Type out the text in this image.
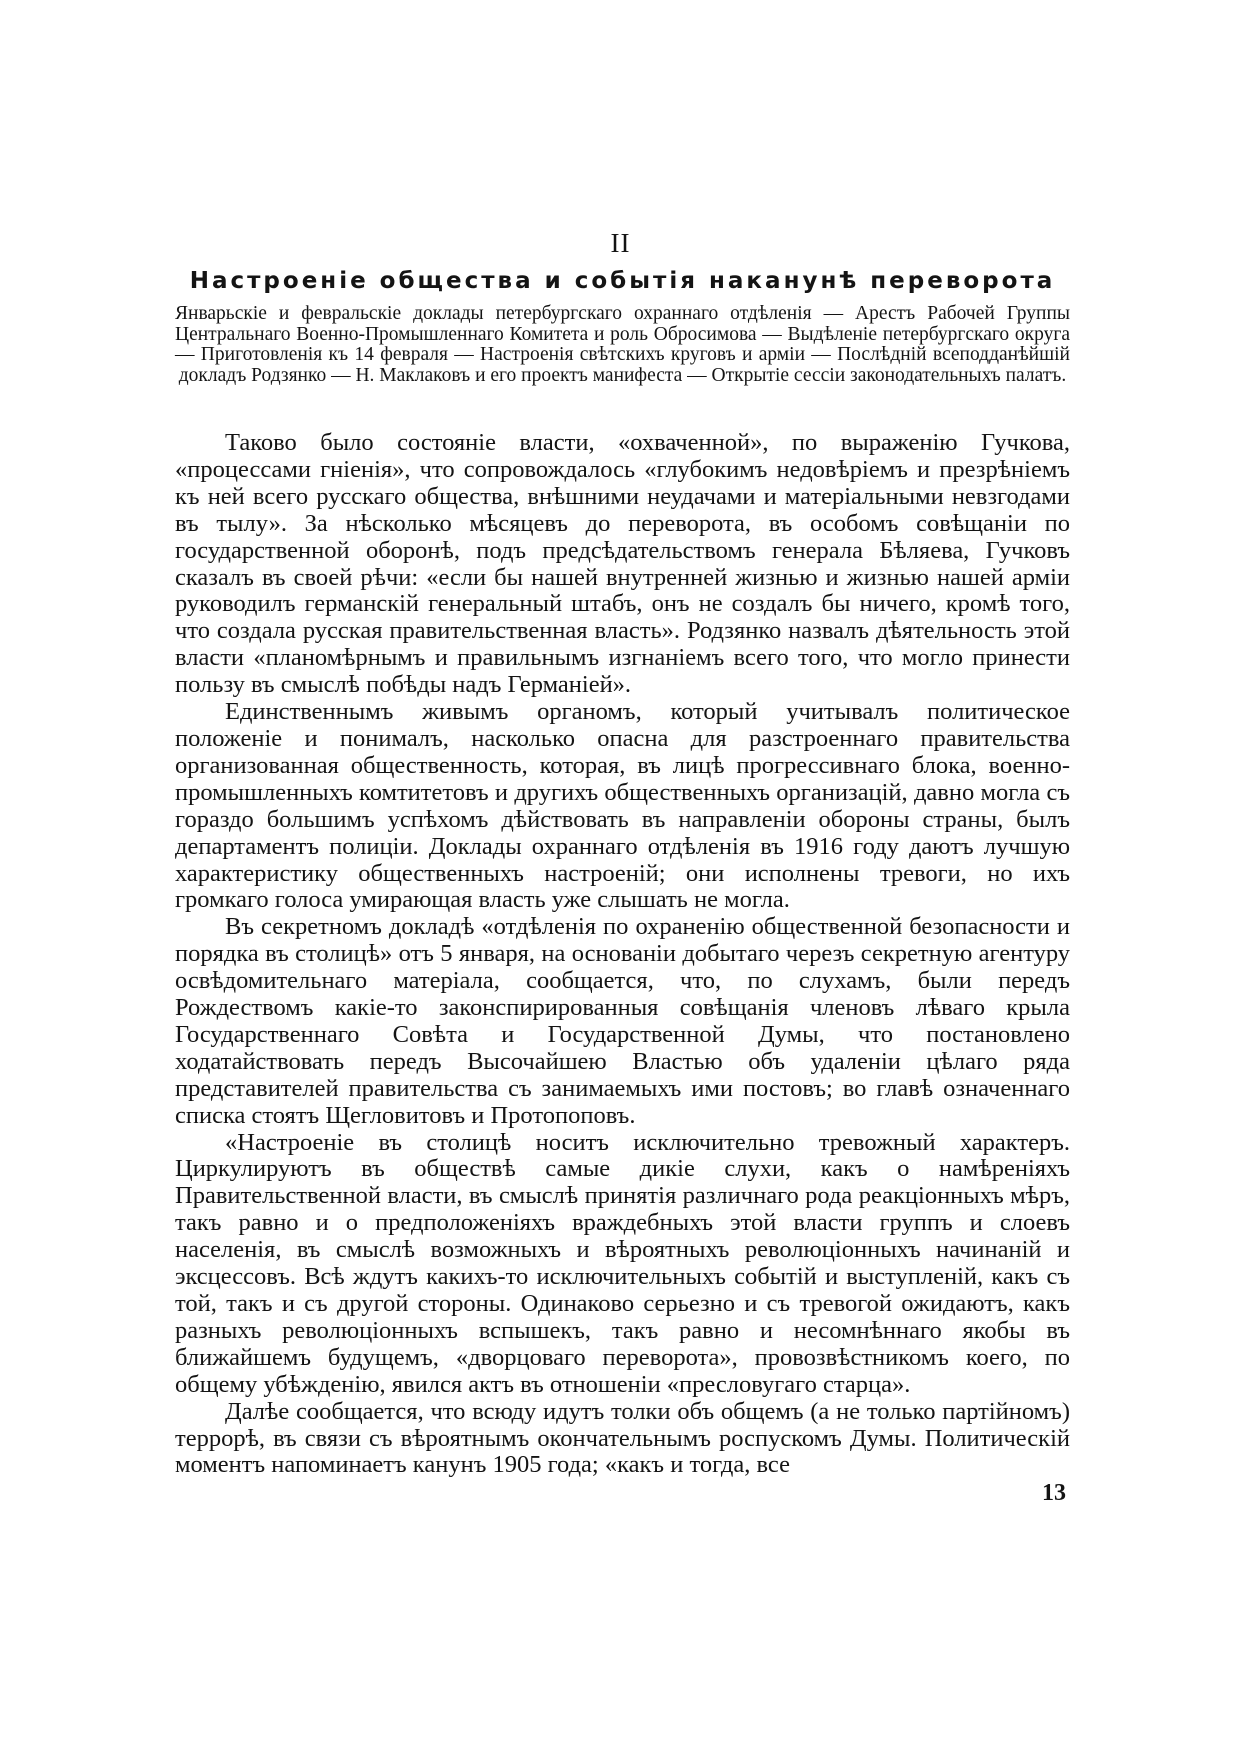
II
Настроеніе общества и событія наканунѣ переворота
Январьскіе и февральскіе доклады петербургскаго охраннаго отдѣленія — Арестъ Рабочей Группы Центральнаго Военно-Промышленнаго Комитета и роль Обросимова — Выдѣленіе петербургскаго округа — Приготовленія къ 14 февраля — Настроенія свѣтскихъ круговъ и арміи — Послѣдній всеподданѣйшій докладъ Родзянко — Н. Маклаковъ и его проектъ манифеста — Открытіе сессіи законодательныхъ палатъ.

Таково было состояніе власти, «охваченной», по выраженію Гучкова, «процессами гніенія», что сопровождалось «глубокимъ недовѣріемъ и презрѣніемъ къ ней всего русскаго общества, внѣшними неудачами и матеріальными невзгодами въ тылу». За нѣсколько мѣсяцевъ до переворота, въ особомъ совѣщаніи по государственной оборонѣ, подъ предсѣдательствомъ генерала Бѣляева, Гучковъ сказалъ въ своей рѣчи: «если бы нашей внутренней жизнью и жизнью нашей арміи руководилъ германскій генеральный штабъ, онъ не создалъ бы ничего, кромѣ того, что создала русская правительственная власть». Родзянко назвалъ дѣятельность этой власти «планомѣрнымъ и правильнымъ изгнаніемъ всего того, что могло принести пользу въ смыслѣ побѣды надъ Германіей».

Единственнымъ живымъ органомъ, который учитывалъ политическое положеніе и понималъ, насколько опасна для разстроеннаго правительства организованная общественность, которая, въ лицѣ прогрессивнаго блока, военно-промышленныхъ комтитетовъ и другихъ общественныхъ организацій, давно могла съ гораздо большимъ успѣхомъ дѣйствовать въ направленіи обороны страны, былъ департаментъ полиціи. Доклады охраннаго отдѣленія въ 1916 году даютъ лучшую характеристику общественныхъ настроеній; они исполнены тревоги, но ихъ громкаго голоса умирающая власть уже слышать не могла.

Въ секретномъ докладѣ «отдѣленія по охраненію общественной безопасности и порядка въ столицѣ» отъ 5 января, на основаніи добытаго черезъ секретную агентуру освѣдомительнаго матеріала, сообщается, что, по слухамъ, были передъ Рождествомъ какіе-то законспирированныя совѣщанія членовъ лѣваго крыла Государственнаго Совѣта и Государственной Думы, что постановлено ходатайствовать передъ Высочайшею Властью объ удаленіи цѣлаго ряда представителей правительства съ занимаемыхъ ими постовъ; во главѣ означеннаго списка стоятъ Щегловитовъ и Протопоповъ.

«Настроеніе въ столицѣ носитъ исключительно тревожный характеръ. Циркулируютъ въ обществѣ самые дикіе слухи, какъ о намѣреніяхъ Правительственной власти, въ смыслѣ принятія различнаго рода реакціонныхъ мѣръ, такъ равно и о предположеніяхъ враждебныхъ этой власти группъ и слоевъ населенія, въ смыслѣ возможныхъ и вѣроятныхъ революціонныхъ начинаній и эксцессовъ. Всѣ ждутъ какихъ-то исключительныхъ событій и выступленій, какъ съ той, такъ и съ другой стороны. Одинаково серьезно и съ тревогой ожидаютъ, какъ разныхъ революціонныхъ вспышекъ, такъ равно и несомнѣннаго якобы въ ближайшемъ будущемъ, «дворцоваго переворота», провозвѣстникомъ коего, по общему убѣжденію, явился актъ въ отношеніи «пресловугаго старца».

Далѣе сообщается, что всюду идутъ толки объ общемъ (а не только партійномъ) террорѣ, въ связи съ вѣроятнымъ окончательнымъ роспускомъ Думы. Политическій моментъ напоминаетъ канунъ 1905 года; «какъ и тогда, все

13
